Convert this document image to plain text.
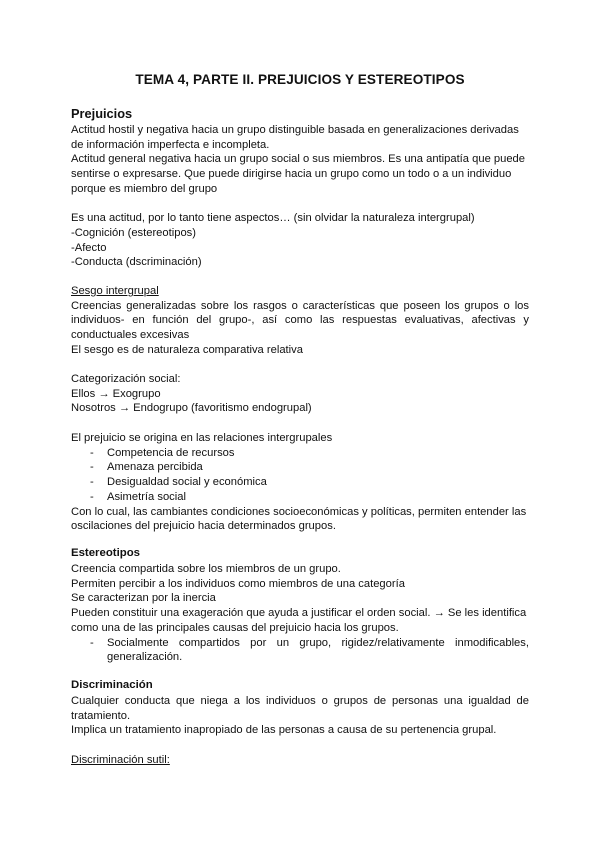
TEMA 4, PARTE II. PREJUICIOS Y ESTEREOTIPOS
Prejuicios
Actitud hostil y negativa hacia un grupo distinguible basada en generalizaciones derivadas de información imperfecta e incompleta.
Actitud general negativa hacia un grupo social o sus miembros. Es una antipatía que puede sentirse o expresarse. Que puede dirigirse hacia un grupo como un todo o a un individuo porque es miembro del grupo
Es una actitud, por lo tanto tiene aspectos… (sin olvidar la naturaleza intergrupal)
-Cognición (estereotipos)
-Afecto
-Conducta (dscriminación)
Sesgo intergrupal
Creencias generalizadas sobre los rasgos o características que poseen los grupos o los individuos- en función del grupo-, así como las respuestas evaluativas, afectivas y conductuales excesivas
El sesgo es de naturaleza comparativa relativa
Categorización social:
Ellos → Exogrupo
Nosotros → Endogrupo (favoritismo endogrupal)
El prejuicio se origina en las relaciones intergrupales
- Competencia de recursos
- Amenaza percibida
- Desigualdad social y económica
- Asimetría social
Con lo cual, las cambiantes condiciones socioeconómicas y políticas, permiten entender las oscilaciones del prejuicio hacia determinados grupos.
Estereotipos
Creencia compartida sobre los miembros de un grupo.
Permiten percibir a los individuos como miembros de una categoría
Se caracterizan por la inercia
Pueden constituir una exageración que ayuda a justificar el orden social. → Se les identifica como una de las principales causas del prejuicio hacia los grupos.
- Socialmente compartidos por un grupo, rigidez/relativamente inmodificables, generalización.
Discriminación
Cualquier conducta que niega a los individuos o grupos de personas una igualdad de tratamiento.
Implica un tratamiento inapropiado de las personas a causa de su pertenencia grupal.
Discriminación sutil:
